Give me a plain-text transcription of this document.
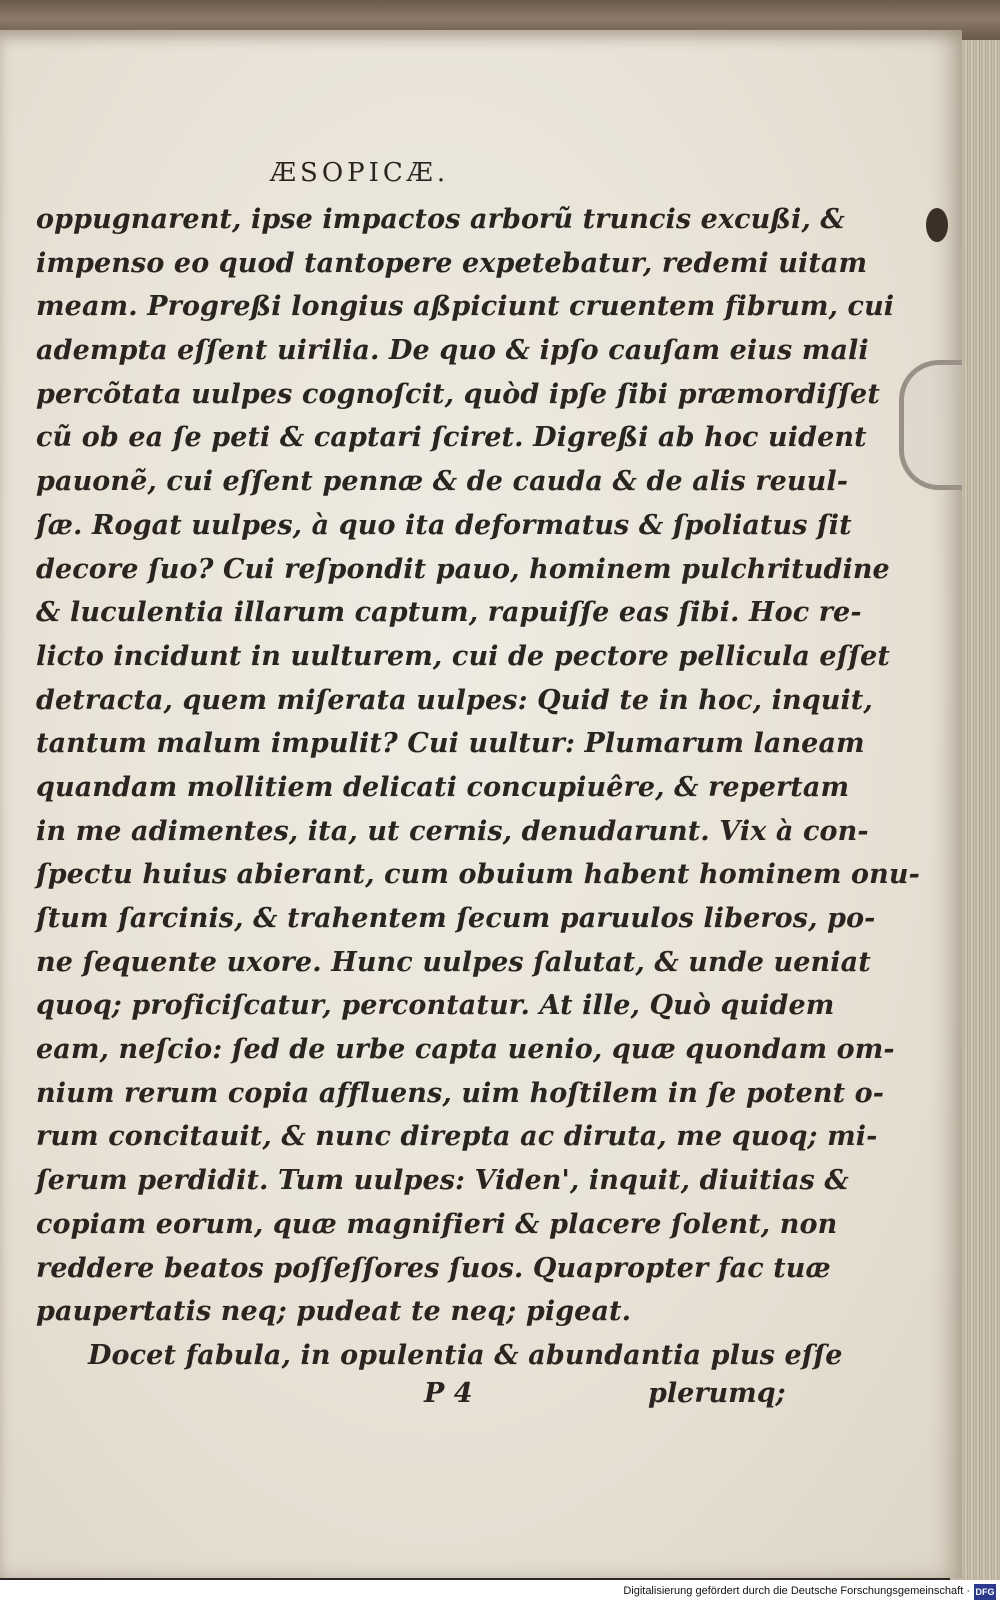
ÆSOPICÆ.
oppugnarent, ipse impactos arborũ truncis excußi, &
impenso eo quod tantopere expetebatur, redemi uitam
meam. Progreßi longius aßpiciunt cruentem fibrum, cui
adempta eſſent uirilia. De quo & ipſo cauſam eius mali
percõtata uulpes cognoſcit, quòd ipſe ſibi præmordiſſet
cũ ob ea ſe peti & captari ſciret. Digreßi ab hoc uident
pauonẽ, cui eſſent pennæ & de cauda & de alis reuul-
ſæ. Rogat uulpes, à quo ita deformatus & ſpoliatus ſit
decore ſuo? Cui reſpondit pauo, hominem pulchritudine
& luculentia illarum captum, rapuiſſe eas ſibi. Hoc re-
licto incidunt in uulturem, cui de pectore pellicula eſſet
detracta, quem miſerata uulpes: Quid te in hoc, inquit,
tantum malum impulit? Cui uultur: Plumarum laneam
quandam mollitiem delicati concupiuêre, & repertam
in me adimentes, ita, ut cernis, denudarunt. Vix à con-
ſpectu huius abierant, cum obuium habent hominem onu-
ſtum ſarcinis, & trahentem ſecum paruulos liberos, po-
ne ſequente uxore. Hunc uulpes ſalutat, & unde ueniat
quoq; proficiſcatur, percontatur. At ille, Quò quidem
eam, neſcio: ſed de urbe capta uenio, quæ quondam om-
nium rerum copia affluens, uim hoſtilem in ſe potent o-
rum concitauit, & nunc direpta ac diruta, me quoq; mi-
ſerum perdidit. Tum uulpes: Viden', inquit, diuitias &
copiam eorum, quæ magnifieri & placere ſolent, non
reddere beatos poſſeſſores ſuos. Quapropter fac tuæ
paupertatis neq; pudeat te neq; pigeat.
Docet fabula, in opulentia & abundantia plus eſſe
P 4	plerumq;
Digitalisierung gefördert durch die Deutsche Forschungsgemeinschaft · DFG
